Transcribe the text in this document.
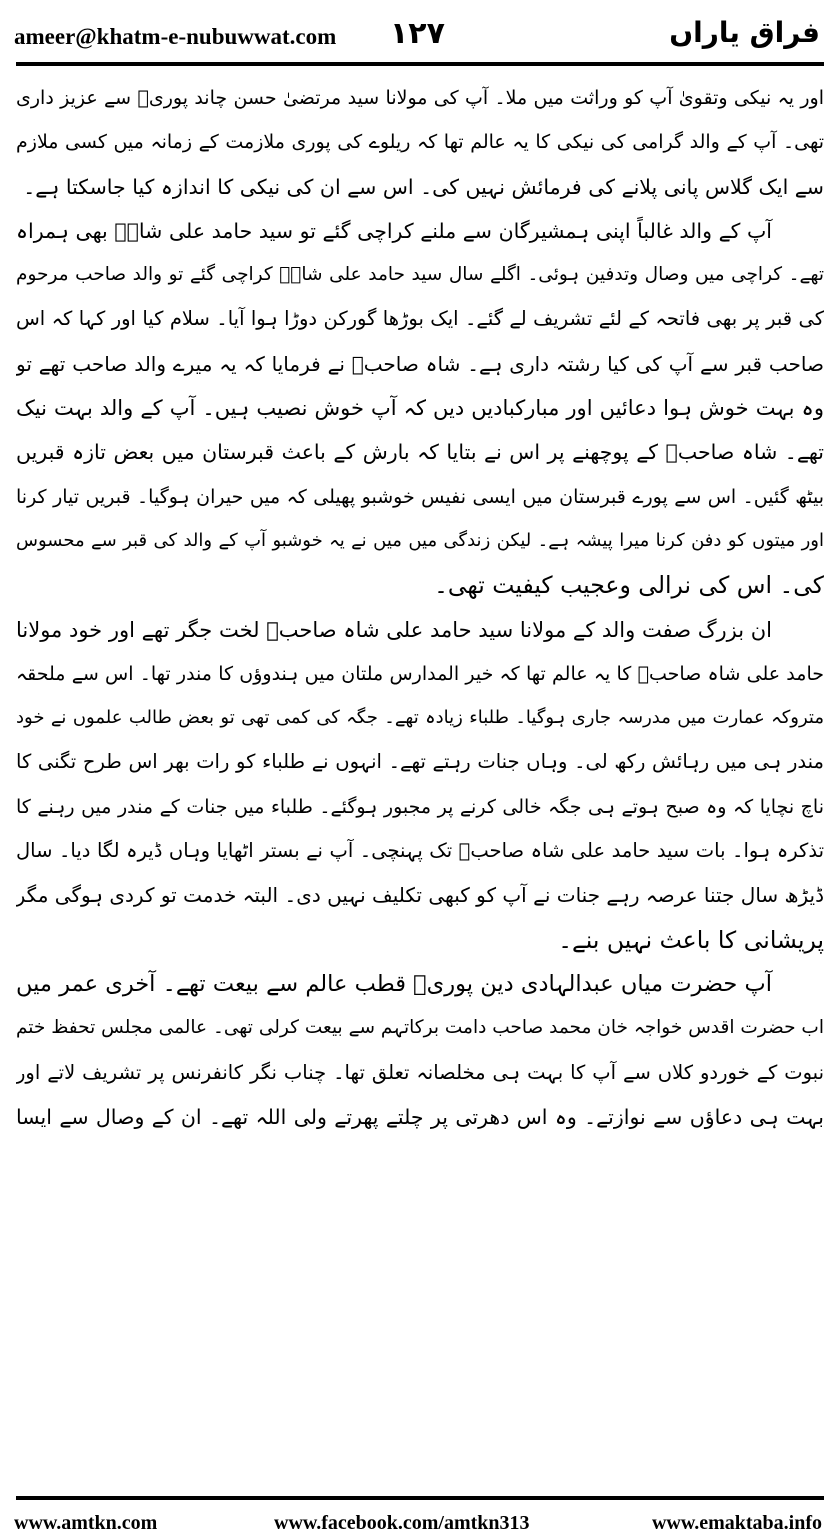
ameer@khatm-e-nubuwwat.com ۱۲۷	فراق یاراں
اور یہ نیکی وتقویٰ آپ کو وراثت میں ملا۔ آپ کی مولانا سید مرتضیٰ حسن چاند پوریؒ سے عزیز داری
تھی۔ آپ کے والد گرامی کی نیکی کا یہ عالم تھا کہ ریلوے کی پوری ملازمت کے زمانہ میں کسی ملازم
سے ایک گلاس پانی پلانے کی فرمائش نہیں کی۔ اس سے ان کی نیکی کا اندازہ کیا جاسکتا ہے۔
آپ کے والد غالباً اپنی ہمشیرگان سے ملنے کراچی گئے تو سید حامد علی شاہؒ بھی ہمراہ
تھے۔ کراچی میں وصال وتدفین ہوئی۔ اگلے سال سید حامد علی شاہؒ کراچی گئے تو والد صاحب مرحوم
کی قبر پر بھی فاتحہ کے لئے تشریف لے گئے۔ ایک بوڑھا گورکن دوڑا ہوا آیا۔ سلام کیا اور کہا کہ اس
صاحب قبر سے آپ کی کیا رشتہ داری ہے۔ شاہ صاحبؒ نے فرمایا کہ یہ میرے والد صاحب تھے تو
وہ بہت خوش ہوا دعائیں اور مبارکبادیں دیں کہ آپ خوش نصیب ہیں۔ آپ کے والد بہت نیک
تھے۔ شاہ صاحبؒ کے پوچھنے پر اس نے بتایا کہ بارش کے باعث قبرستان میں بعض تازہ قبریں
بیٹھ گئیں۔ اس سے پورے قبرستان میں ایسی نفیس خوشبو پھیلی کہ میں حیران ہوگیا۔ قبریں تیار کرنا
اور میتوں کو دفن کرنا میرا پیشہ ہے۔ لیکن زندگی میں میں نے یہ خوشبو آپ کے والد کی قبر سے محسوس
کی۔ اس کی نرالی وعجیب کیفیت تھی۔
ان بزرگ صفت والد کے مولانا سید حامد علی شاہ صاحبؒ لخت جگر تھے اور خود مولانا
حامد علی شاہ صاحبؒ کا یہ عالم تھا کہ خیر المدارس ملتان میں ہندوؤں کا مندر تھا۔ اس سے ملحقہ
متروکہ عمارت میں مدرسہ جاری ہوگیا۔ طلباء زیادہ تھے۔ جگہ کی کمی تھی تو بعض طالب علموں نے خود
مندر ہی میں رہائش رکھ لی۔ وہاں جنات رہتے تھے۔ انہوں نے طلباء کو رات بھر اس طرح تگنی کا
ناچ نچایا کہ وہ صبح ہوتے ہی جگہ خالی کرنے پر مجبور ہوگئے۔ طلباء میں جنات کے مندر میں رہنے کا
تذکرہ ہوا۔ بات سید حامد علی شاہ صاحبؒ تک پہنچی۔ آپ نے بستر اٹھایا وہاں ڈیرہ لگا دیا۔ سال
ڈیڑھ سال جتنا عرصہ رہے جنات نے آپ کو کبھی تکلیف نہیں دی۔ البتہ خدمت تو کردی ہوگی مگر
پریشانی کا باعث نہیں بنے۔
آپ حضرت میاں عبدالہادی دین پوریؒ قطب عالم سے بیعت تھے۔ آخری عمر میں
اب حضرت اقدس خواجہ خان محمد صاحب دامت برکاتہم سے بیعت کرلی تھی۔ عالمی مجلس تحفظ ختم
نبوت کے خوردو کلاں سے آپ کا بہت ہی مخلصانہ تعلق تھا۔ چناب نگر کانفرنس پر تشریف لاتے اور
بہت ہی دعاؤں سے نوازتے۔ وہ اس دھرتی پر چلتے پھرتے ولی اللہ تھے۔ ان کے وصال سے ایسا
www.amtkn.com	www.facebook.com/amtkn313	www.emaktaba.info
